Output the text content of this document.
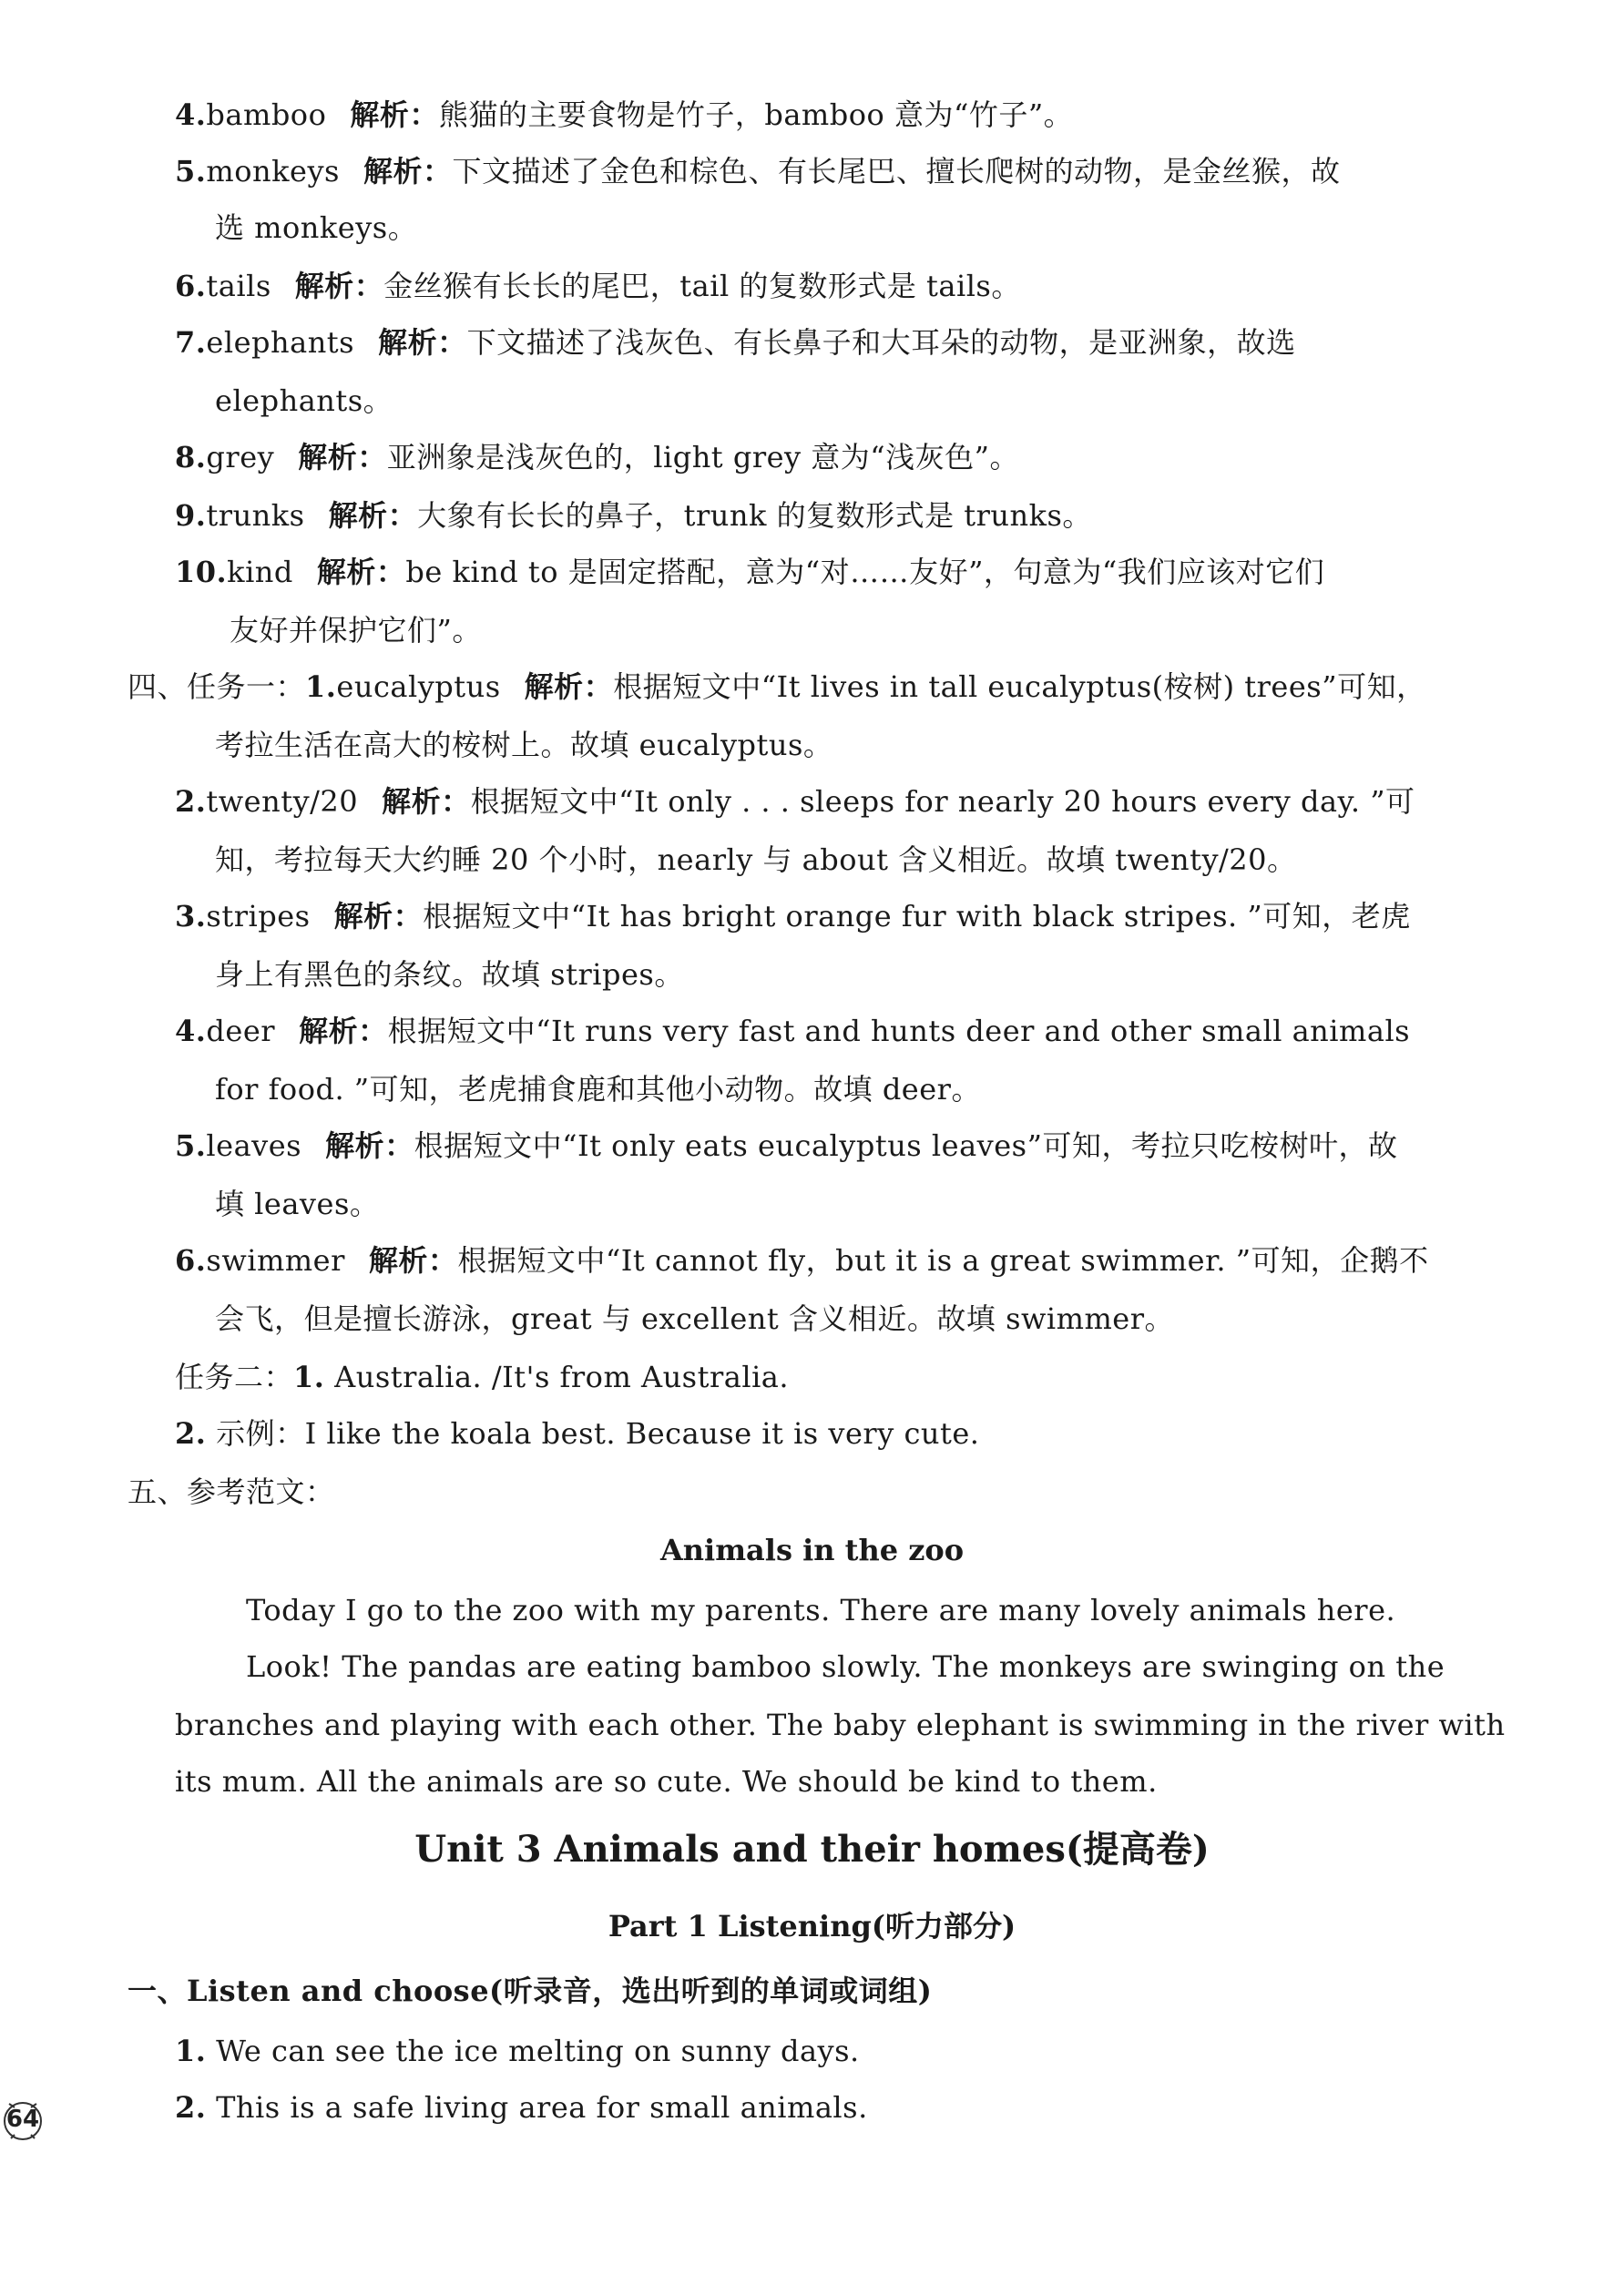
4.bamboo 解析：熊猫的主要食物是竹子，bamboo 意为“竹子”。
5.monkeys 解析：下文描述了金色和棕色、有长尾巴、擅长爬树的动物，是金丝猴，故
选 monkeys。
6.tails 解析：金丝猴有长长的尾巴，tail 的复数形式是 tails。
7.elephants 解析：下文描述了浅灰色、有长鼻子和大耳朵的动物，是亚洲象，故选
elephants。
8.grey 解析：亚洲象是浅灰色的，light grey 意为“浅灰色”。
9.trunks 解析：大象有长长的鼻子，trunk 的复数形式是 trunks。
10.kind 解析：be kind to 是固定搭配，意为“对……友好”，句意为“我们应该对它们
友好并保护它们”。
四、任务一：1.eucalyptus 解析：根据短文中“It lives in tall eucalyptus(桉树) trees”可知，
考拉生活在高大的桉树上。故填 eucalyptus。
2.twenty/20 解析：根据短文中“It only . . . sleeps for nearly 20 hours every day. ”可
知，考拉每天大约睡 20 个小时，nearly 与 about 含义相近。故填 twenty/20。
3.stripes 解析：根据短文中“It has bright orange fur with black stripes. ”可知，老虎
身上有黑色的条纹。故填 stripes。
4.deer 解析：根据短文中“It runs very fast and hunts deer and other small animals
for food. ”可知，老虎捕食鹿和其他小动物。故填 deer。
5.leaves 解析：根据短文中“It only eats eucalyptus leaves”可知，考拉只吃桉树叶，故
填 leaves。
6.swimmer 解析：根据短文中“It cannot fly，but it is a great swimmer. ”可知，企鹅不
会飞，但是擅长游泳，great 与 excellent 含义相近。故填 swimmer。
任务二：1. Australia. /It's from Australia.
2. 示例：I like the koala best. Because it is very cute.
五、参考范文：
Animals in the zoo
Today I go to the zoo with my parents. There are many lovely animals here.
Look! The pandas are eating bamboo slowly. The monkeys are swinging on the
branches and playing with each other. The baby elephant is swimming in the river with
its mum. All the animals are so cute. We should be kind to them.
Unit 3 Animals and their homes(提高卷)
Part 1 Listening(听力部分)
一、Listen and choose(听录音，选出听到的单词或词组)
1. We can see the ice melting on sunny days.
2. This is a safe living area for small animals.
64
